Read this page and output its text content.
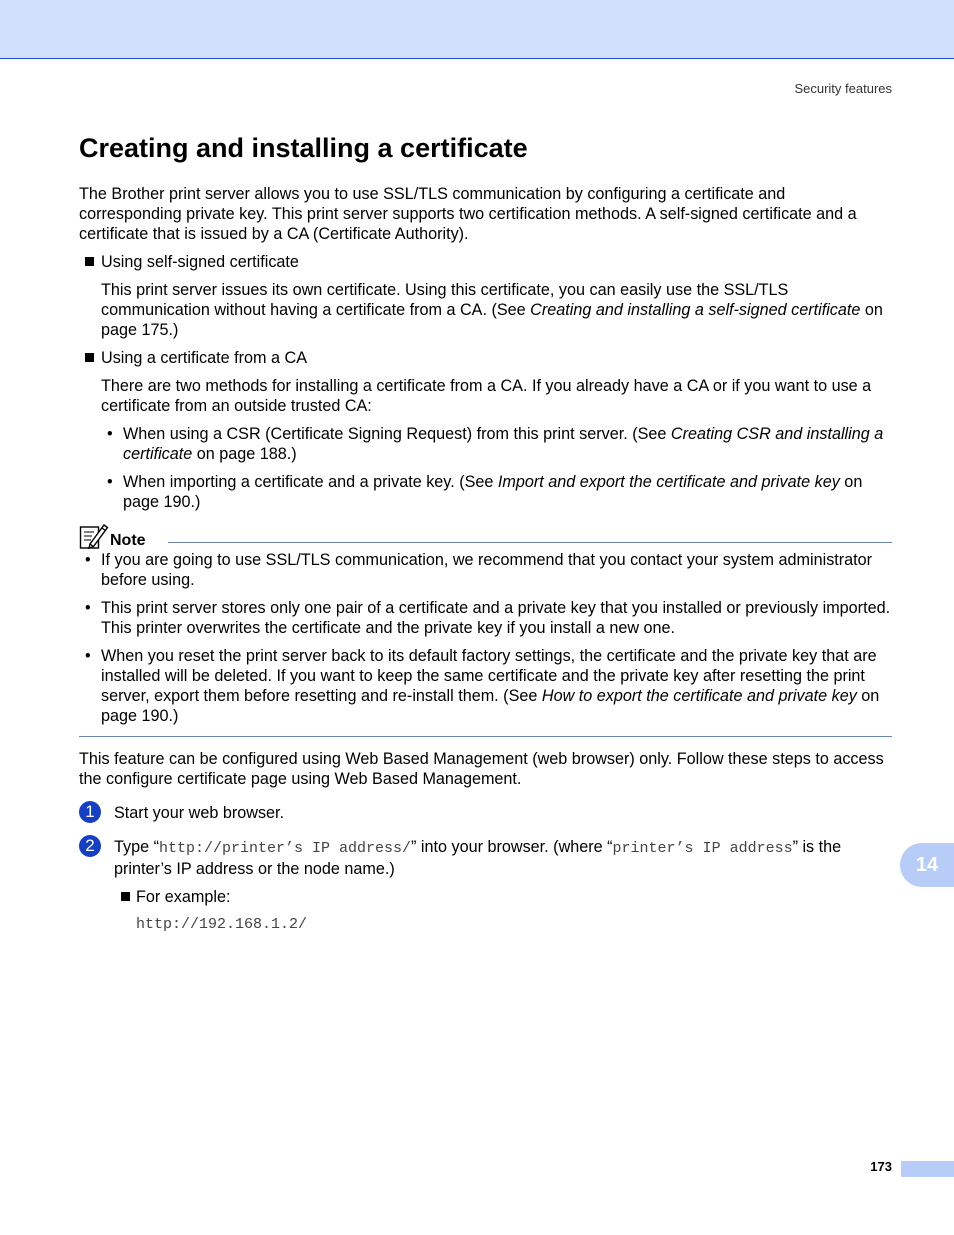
Security features
Creating and installing a certificate

The Brother print server allows you to use SSL/TLS communication by configuring a certificate and corresponding private key. This print server supports two certification methods. A self-signed certificate and a certificate that is issued by a CA (Certificate Authority).

Using self-signed certificate

This print server issues its own certificate. Using this certificate, you can easily use the SSL/TLS communication without having a certificate from a CA. (See Creating and installing a self-signed certificate on page 175.)

Using a certificate from a CA

There are two methods for installing a certificate from a CA. If you already have a CA or if you want to use a certificate from an outside trusted CA:

• When using a CSR (Certificate Signing Request) from this print server. (See Creating CSR and installing a certificate on page 188.)
• When importing a certificate and a private key. (See Import and export the certificate and private key on page 190.)
Note
• If you are going to use SSL/TLS communication, we recommend that you contact your system administrator before using.
• This print server stores only one pair of a certificate and a private key that you installed or previously imported. This printer overwrites the certificate and the private key if you install a new one.
• When you reset the print server back to its default factory settings, the certificate and the private key that are installed will be deleted. If you want to keep the same certificate and the private key after resetting the print server, export them before resetting and re-install them. (See How to export the certificate and private key on page 190.)

This feature can be configured using Web Based Management (web browser) only. Follow these steps to access the configure certificate page using Web Based Management.

1	Start your web browser.
2	Type “http://printer’s IP address/” into your browser. (where “printer’s IP address” is the printer’s IP address or the node name.)
For example:
http://192.168.1.2/
14
173
